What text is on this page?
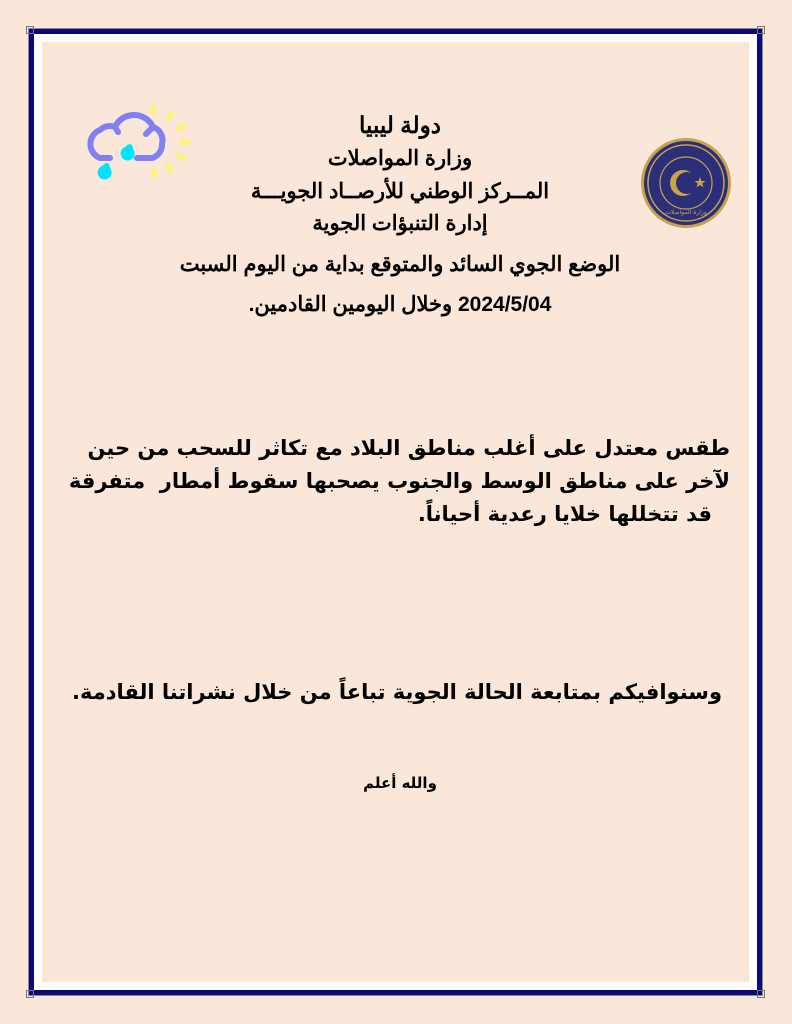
وزارة المواصلات
دولة ليبيا
وزارة المواصلات
المــركز الوطني للأرصــاد الجويـــة
إدارة التنبؤات الجوية
الوضع الجوي السائد والمتوقع بداية من اليوم السبت
2024/5/04 وخلال اليومين القادمين.
طقس معتدل على أغلب مناطق البلاد مع تكاثر للسحب من حين
لآخر على مناطق الوسط والجنوب يصحبها سقوط أمطار  متفرقة
قد تتخللها خلايا رعدية أحياناً.
وسنوافيكم بمتابعة الحالة الجوية تباعاً من خلال نشراتنا القادمة.
والله أعلم
